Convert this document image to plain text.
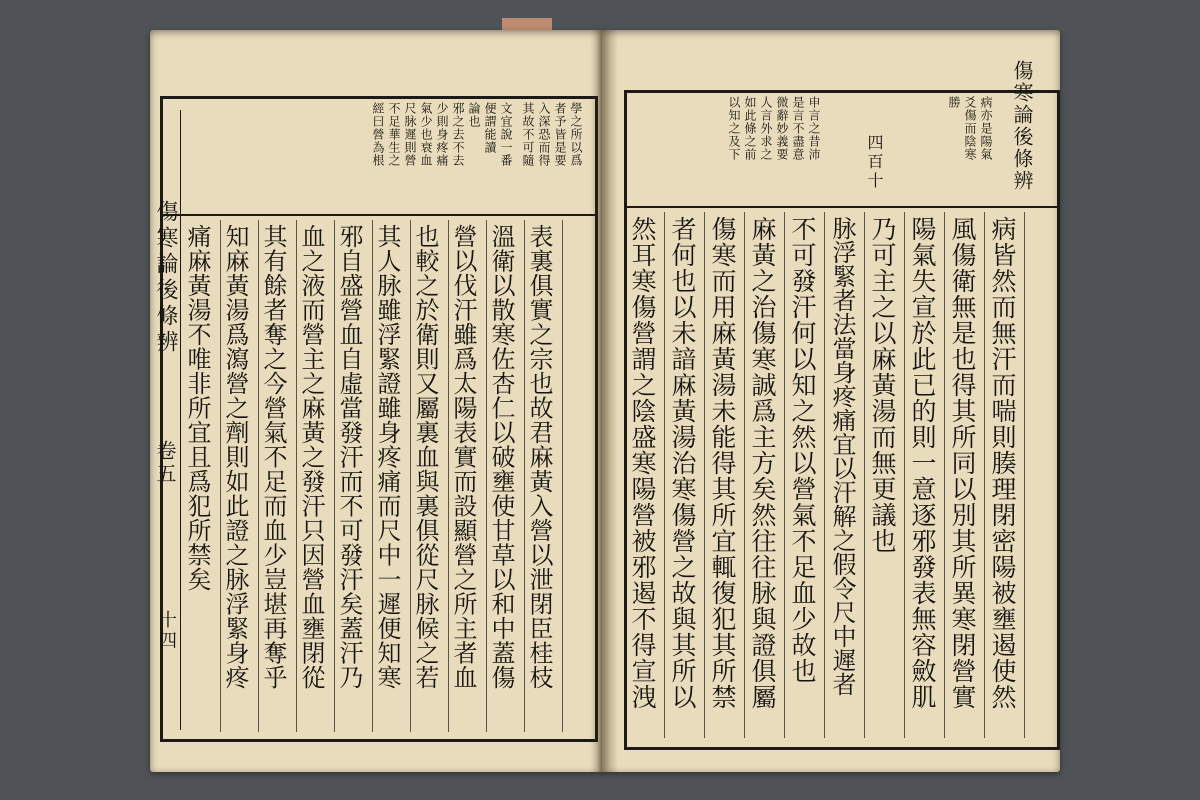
傷寒論後條辨
卷五
十四
學之所以爲
者予皆是要
入深恐而得
其故不可隨
文宜說一番
便謂能讀
論也
邪之去不去
少則身疼痛
氣少也衰血
尺脉遲則營
不足華生之
經曰營為根
表裏俱實之宗也故君麻黃入營以泄閉臣桂枝
溫衛以散寒佐杏仁以破壅使甘草以和中蓋傷
營以伐汗雖爲太陽表實而設顯營之所主者血
也較之於衛則又屬裏血與裏俱從尺脉候之若
其人脉雖浮緊證雖身疼痛而尺中一遲便知寒
邪自盛營血自虛當發汗而不可發汗矣蓋汗乃
血之液而營主之麻黃之發汗只因營血壅閉從
其有餘者奪之今營氣不足而血少豈堪再奪乎
知麻黃湯爲瀉營之劑則如此證之脉浮緊身疼
痛麻黃湯不唯非所宜且爲犯所禁矣
傷寒論後條辨
病亦是陽氣
爻傷而陰寒
勝
申言之昔沛
是言不盡意
微辭妙義要
人言外求之
如此條之前
以知之及下
四百十
病皆然而無汗而喘則腠理閉密陽被壅遏使然
風傷衛無是也得其所同以別其所異寒閉營實
陽氣失宣於此已的則一意逐邪發表無容斂肌
乃可主之以麻黃湯而無更議也
脉浮緊者法當身疼痛宜以汗解之假令尺中遲者
不可發汗何以知之然以營氣不足血少故也
麻黃之治傷寒誠爲主方矣然往往脉與證俱屬
傷寒而用麻黃湯未能得其所宜輒復犯其所禁
者何也以未諳麻黃湯治寒傷營之故與其所以
然耳寒傷營謂之陰盛寒陽營被邪遏不得宣洩
